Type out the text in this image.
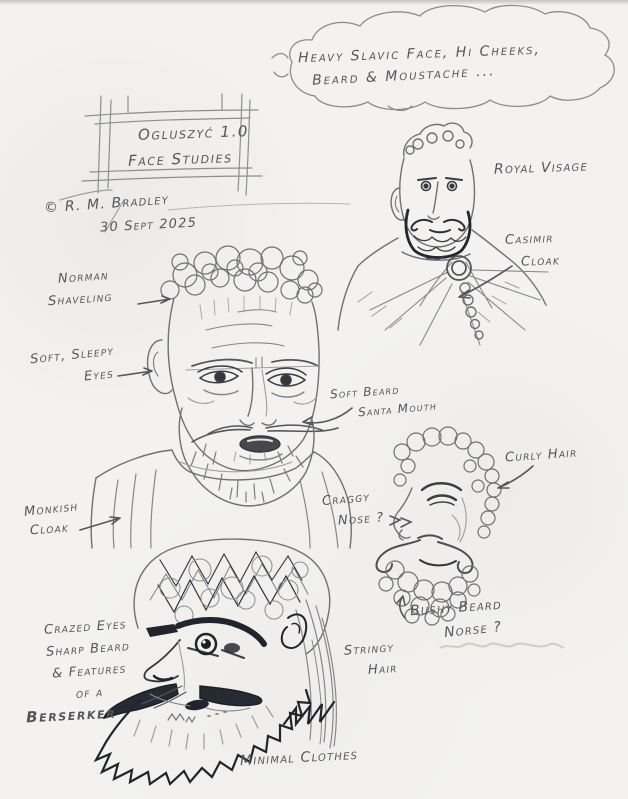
Heavy Slavic Face, Hi Cheeks,
Beard & Moustache ...
Ogluszyć 1.0
Face Studies
© R. M. Bradley
30 Sept 2025
Royal Visage
Casimir
Cloak
Norman
Shaveling
Soft, Sleepy
Eyes
Soft Beard
Santa Mouth
Curly Hair
Craggy
Nose ?
Monkish
Cloak
Bushy Beard
Norse ?
Crazed Eyes
Sharp Beard
& Features
of a
Berserker
Stringy
Hair
Minimal Clothes
